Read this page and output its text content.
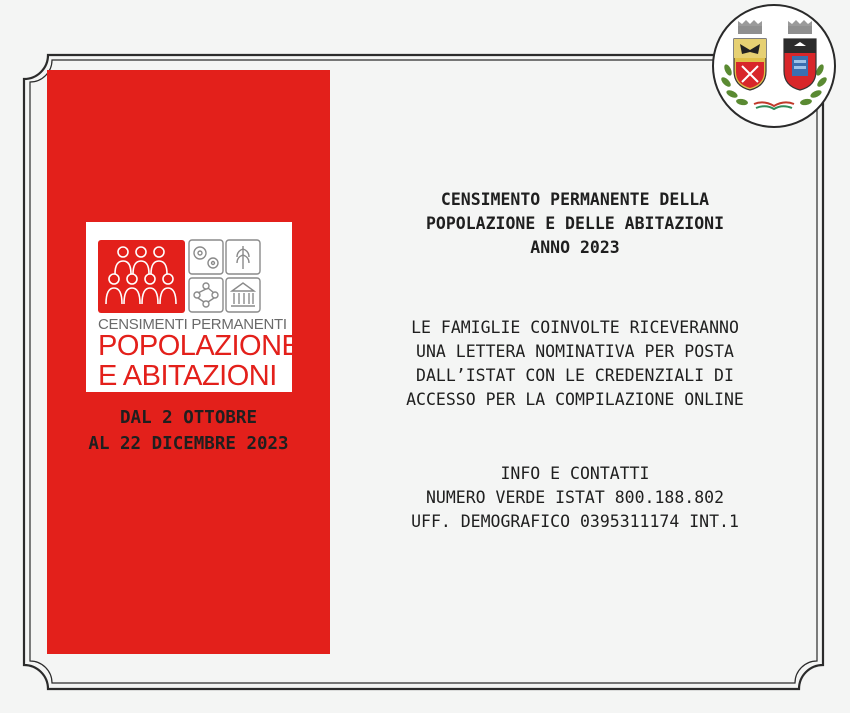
CENSIMENTI PERMANENTI
POPOLAZIONE
E ABITAZIONI
DAL 2 OTTOBRE
AL 22 DICEMBRE 2023
CENSIMENTO PERMANENTE DELLA
POPOLAZIONE E DELLE ABITAZIONI
ANNO 2023
LE FAMIGLIE COINVOLTE RICEVERANNO
UNA LETTERA NOMINATIVA PER POSTA
DALL’ISTAT CON LE CREDENZIALI DI
ACCESSO PER LA COMPILAZIONE ONLINE
INFO E CONTATTI
NUMERO VERDE ISTAT 800.188.802
UFF. DEMOGRAFICO 0395311174 INT.1
